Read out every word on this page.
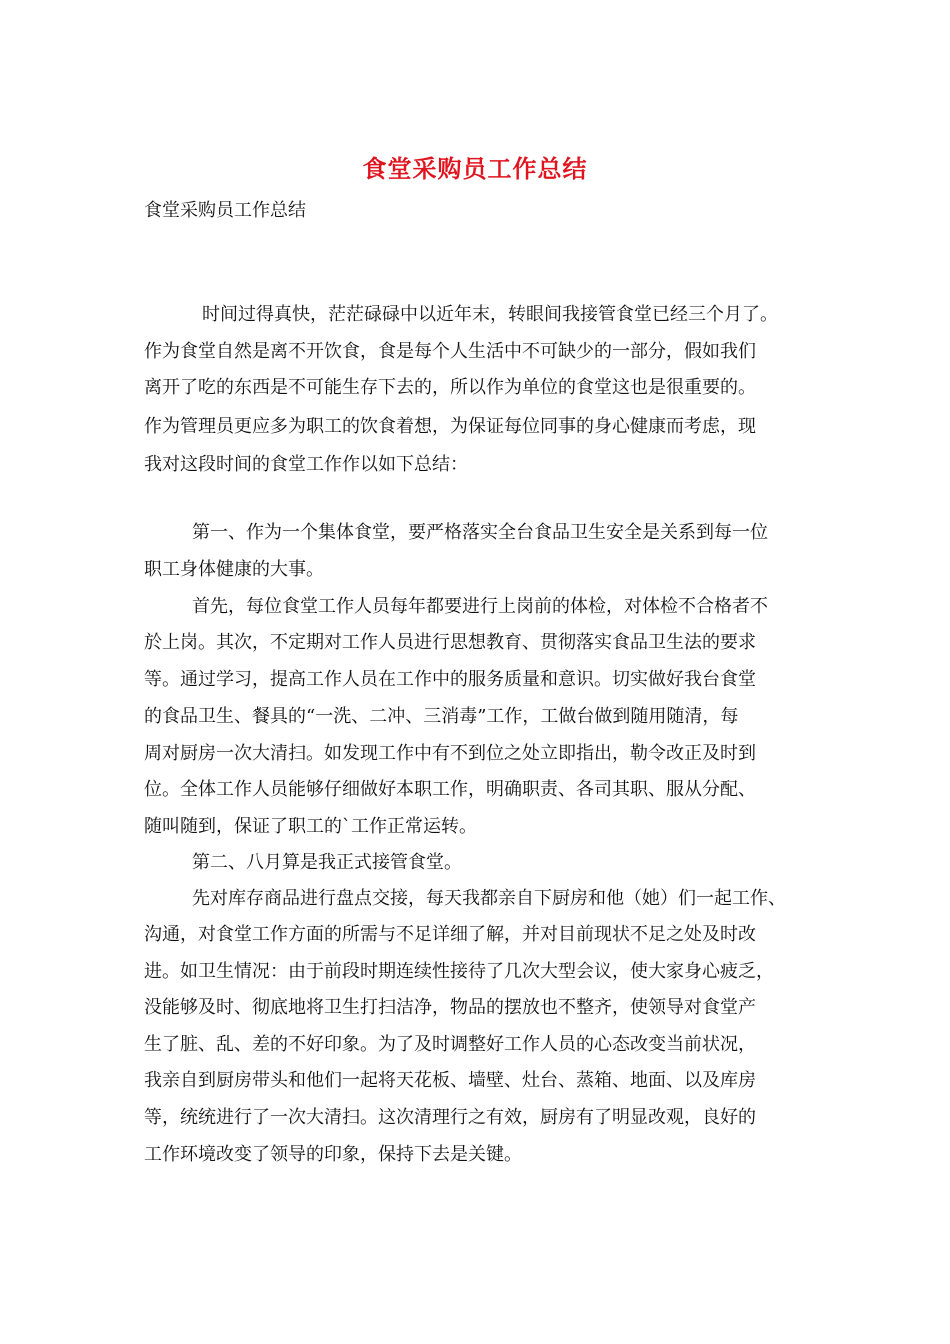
食堂采购员工作总结
食堂采购员工作总结
时间过得真快，茫茫碌碌中以近年末，转眼间我接管食堂已经三个月了。
作为食堂自然是离不开饮食，食是每个人生活中不可缺少的一部分，假如我们
离开了吃的东西是不可能生存下去的，所以作为单位的食堂这也是很重要的。
作为管理员更应多为职工的饮食着想，为保证每位同事的身心健康而考虑，现
我对这段时间的食堂工作作以如下总结：
第一、作为一个集体食堂，要严格落实全台食品卫生安全是关系到每一位
职工身体健康的大事。
首先，每位食堂工作人员每年都要进行上岗前的体检，对体检不合格者不
於上岗。其次，不定期对工作人员进行思想教育、贯彻落实食品卫生法的要求
等。通过学习，提高工作人员在工作中的服务质量和意识。切实做好我台食堂
的食品卫生、餐具的“一洗、二冲、三消毒”工作，工做台做到随用随清，每
周对厨房一次大清扫。如发现工作中有不到位之处立即指出，勒令改正及时到
位。全体工作人员能够仔细做好本职工作，明确职责、各司其职、服从分配、
随叫随到，保证了职工的`工作正常运转。
第二、八月算是我正式接管食堂。
先对库存商品进行盘点交接，每天我都亲自下厨房和他（她）们一起工作、
沟通，对食堂工作方面的所需与不足详细了解，并对目前现状不足之处及时改
进。如卫生情况：由于前段时期连续性接待了几次大型会议，使大家身心疲乏，
没能够及时、彻底地将卫生打扫洁净，物品的摆放也不整齐，使领导对食堂产
生了脏、乱、差的不好印象。为了及时调整好工作人员的心态改变当前状况，
我亲自到厨房带头和他们一起将天花板、墙壁、灶台、蒸箱、地面、以及库房
等，统统进行了一次大清扫。这次清理行之有效，厨房有了明显改观，良好的
工作环境改变了领导的印象，保持下去是关键。
